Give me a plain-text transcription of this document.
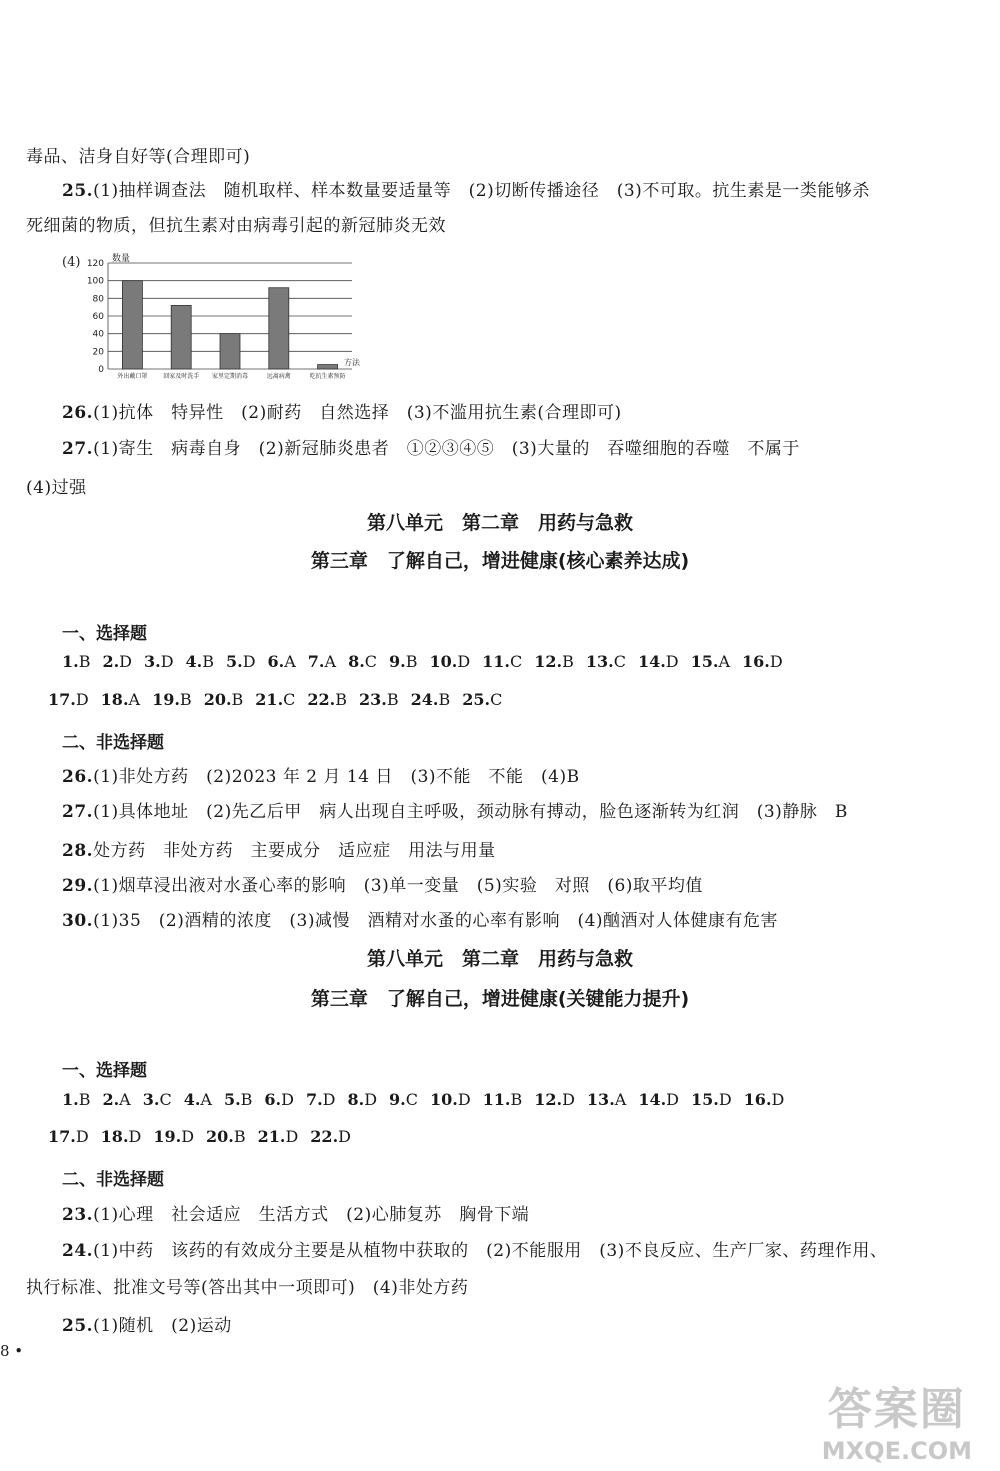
毒品、洁身自好等(合理即可)
25.(1)抽样调查法　随机取样、样本数量要适量等　(2)切断传播途径　(3)不可取。抗生素是一类能够杀
死细菌的物质，但抗生素对由病毒引起的新冠肺炎无效
(4)	数量
0
20
40
60
80
100
120
外出戴口罩	回家及时洗手 家里定期消毒	远离病禽	吃抗生素预防
方法
26.(1)抗体　特异性　(2)耐药　自然选择　(3)不滥用抗生素(合理即可)
27.(1)寄生　病毒自身　(2)新冠肺炎患者　①②③④⑤　(3)大量的　吞噬细胞的吞噬　不属于
(4)过强
第八单元　第二章　用药与急救
第三章　了解自己，增进健康(核心素养达成)
一、选择题
1.B 2.D 3.D 4.B 5.D 6.A 7.A 8.C 9.B 10.D 11.C 12.B 13.C 14.D 15.A 16.D
17.D 18.A 19.B 20.B 21.C 22.B 23.B 24.B 25.C
二、非选择题
26.(1)非处方药　(2)2023 年 2 月 14 日　(3)不能　不能　(4)B
27.(1)具体地址　(2)先乙后甲　病人出现自主呼吸，颈动脉有搏动，脸色逐渐转为红润　(3)静脉　B
28.处方药　非处方药　主要成分　适应症　用法与用量
29.(1)烟草浸出液对水蚤心率的影响　(3)单一变量　(5)实验　对照　(6)取平均值
30.(1)35　(2)酒精的浓度　(3)减慢　酒精对水蚤的心率有影响　(4)酗酒对人体健康有危害
第八单元　第二章　用药与急救
第三章　了解自己，增进健康(关键能力提升)
一、选择题
1.B 2.A 3.C 4.A 5.B 6.D 7.D 8.D 9.C 10.D 11.B 12.D 13.A 14.D 15.D 16.D
17.D 18.D 19.D 20.B 21.D 22.D
二、非选择题
23.(1)心理　社会适应　生活方式　(2)心肺复苏　胸骨下端
24.(1)中药　该药的有效成分主要是从植物中获取的　(2)不能服用　(3)不良反应、生产厂家、药理作用、
执行标准、批准文号等(答出其中一项即可)　(4)非处方药
25.(1)随机　(2)运动
8 •
答案圈
MXQE.COM
